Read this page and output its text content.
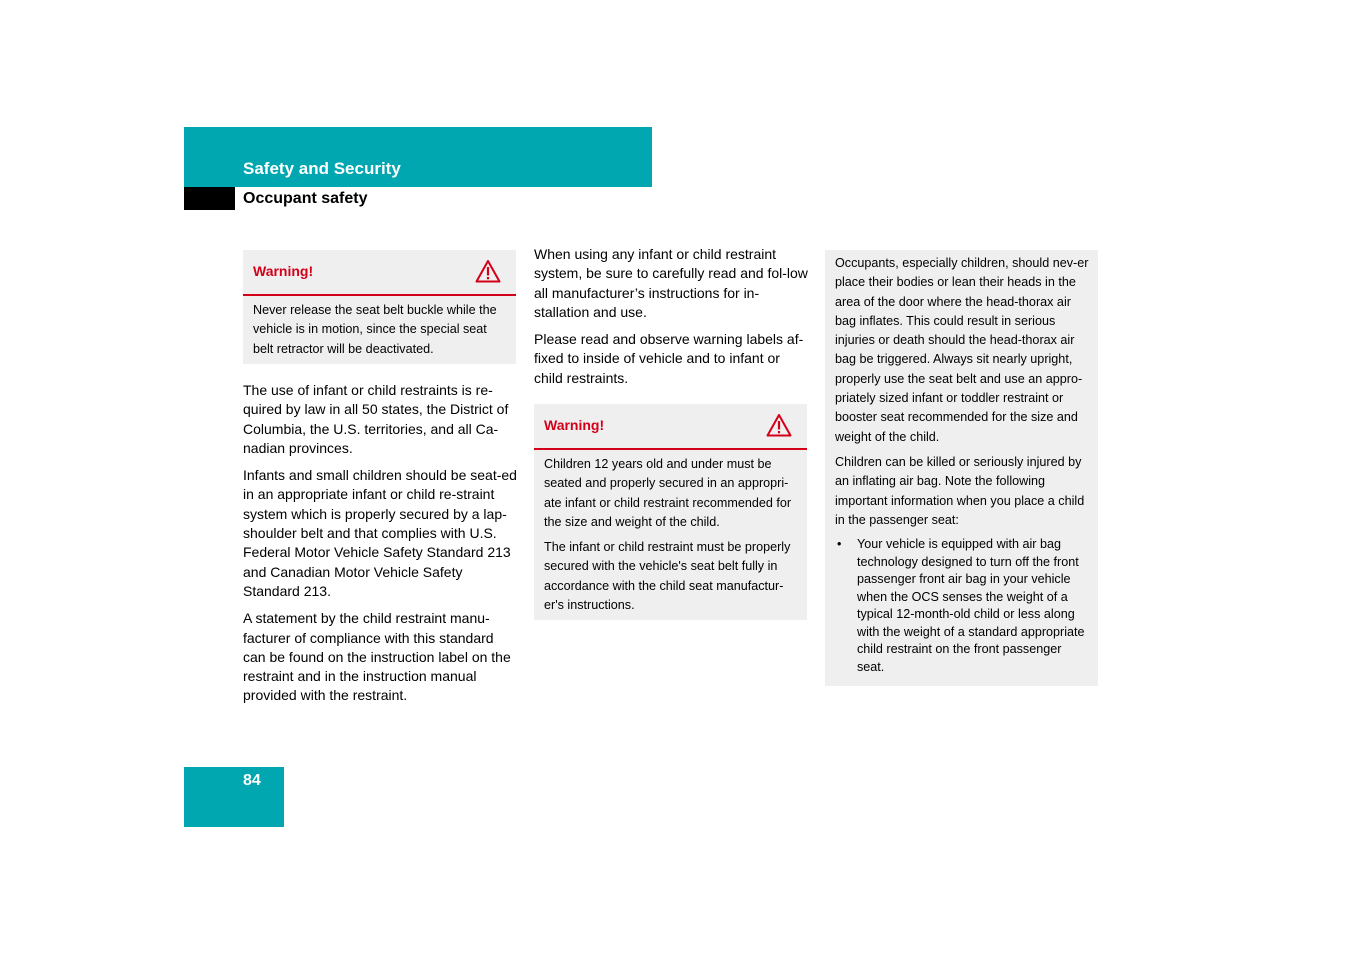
Safety and Security
Occupant safety
Warning!

Never release the seat belt buckle while the vehicle is in motion, since the special seat belt retractor will be deactivated.

The use of infant or child restraints is re-quired by law in all 50 states, the District of Columbia, the U.S. territories, and all Ca-nadian provinces.

Infants and small children should be seat-ed in an appropriate infant or child re-straint system which is properly secured by a lap-shoulder belt and that complies with U.S. Federal Motor Vehicle Safety Standard 213 and Canadian Motor Vehicle Safety Standard 213.

A statement by the child restraint manu-facturer of compliance with this standard can be found on the instruction label on the restraint and in the instruction manual provided with the restraint.

When using any infant or child restraint system, be sure to carefully read and fol-low all manufacturer’s instructions for in-stallation and use.

Please read and observe warning labels af-fixed to inside of vehicle and to infant or child restraints.

Warning!

Children 12 years old and under must be seated and properly secured in an appropri-ate infant or child restraint recommended for the size and weight of the child.

The infant or child restraint must be properly secured with the vehicle's seat belt fully in accordance with the child seat manufactur-er's instructions.

Occupants, especially children, should nev-er place their bodies or lean their heads in the area of the door where the head-thorax air bag inflates. This could result in serious injuries or death should the head-thorax air bag be triggered. Always sit nearly upright, properly use the seat belt and use an appro-priately sized infant or toddler restraint or booster seat recommended for the size and weight of the child.

Children can be killed or seriously injured by an inflating air bag. Note the following important information when you place a child in the passenger seat:

• Your vehicle is equipped with air bag technology designed to turn off the front passenger front air bag in your vehicle when the OCS senses the weight of a typical 12-month-old child or less along with the weight of a standard appropriate child restraint on the front passenger seat.

84
